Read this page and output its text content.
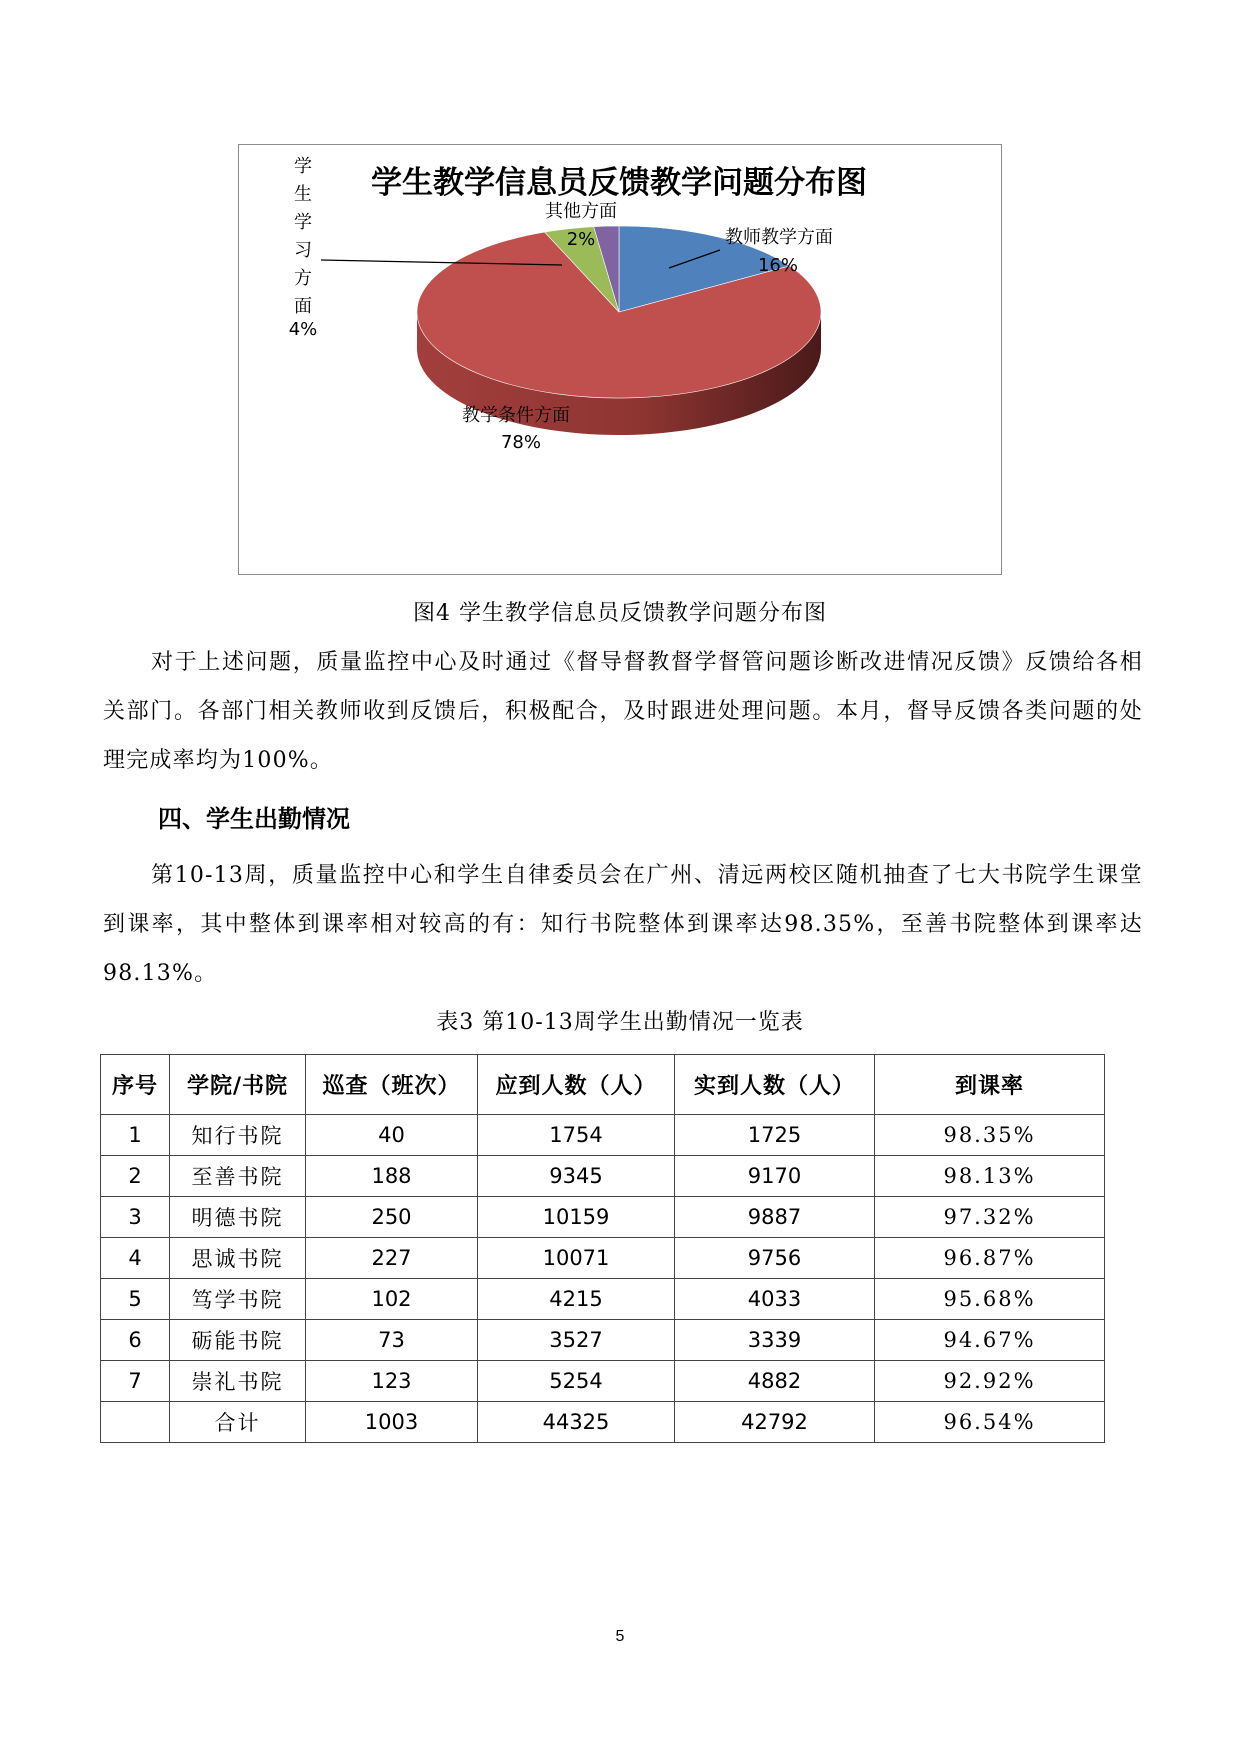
学生教学信息员反馈教学问题分布图
教师教学方面
16%
教学条件方面
78%
其他方面
2%
学
生
学
习
方
面
4%
图4 学生教学信息员反馈教学问题分布图

对于上述问题，质量监控中心及时通过《督导督教督学督管问题诊断改进情况反馈》反馈给各相关部门。各部门相关教师收到反馈后，积极配合，及时跟进处理问题。本月，督导反馈各类问题的处理完成率均为100%。

四、学生出勤情况

第10-13周，质量监控中心和学生自律委员会在广州、清远两校区随机抽查了七大书院学生课堂到课率，其中整体到课率相对较高的有：知行书院整体到课率达98.35%，至善书院整体到课率达98.13%。

表3 第10-13周学生出勤情况一览表
序号	学院/书院	巡查（班次）	应到人数（人）	实到人数（人）	到课率
1	知行书院	40	1754	1725	98.35%
2	至善书院	188	9345	9170	98.13%
3	明德书院	250	10159	9887	97.32%
4	思诚书院	227	10071	9756	96.87%
5	笃学书院	102	4215	4033	95.68%
6	砺能书院	73	3527	3339	94.67%
7	崇礼书院	123	5254	4882	92.92%
	合计	1003	44325	42792	96.54%
5
